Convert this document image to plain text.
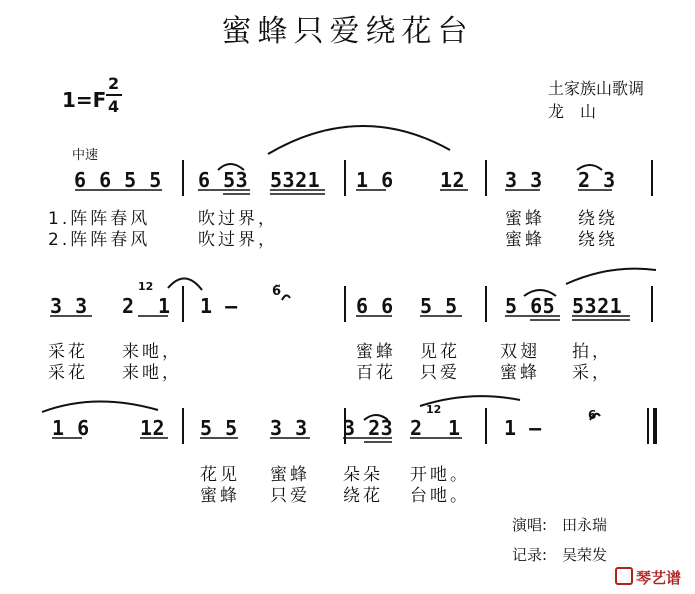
蜜蜂只爱绕花台
1=F
2
4
土家族山歌调
龙　山
中速
6 6 5 5 6 53 5321 1 6 12 3 3 2 3
1.阵阵春风	吹过界，	蜜蜂 绕绕
2.阵阵春风	吹过界，	蜜蜂 绕绕
3 3 2 1
12
1 —
6̆
6 6 5 5 5 65 5321
采花 来吔，	蜜蜂 见花 双翅 拍，
采花 来吔，	百花 只爱 蜜蜂 采，
1 6	12 5 5 3 3 3 23 2 1
12
1 —
6
花见 蜜蜂 朵朵 开吔。
蜜蜂 只爱 绕花 台吔。
演唱: 田永瑞
记录: 吴荣发
琴艺谱
